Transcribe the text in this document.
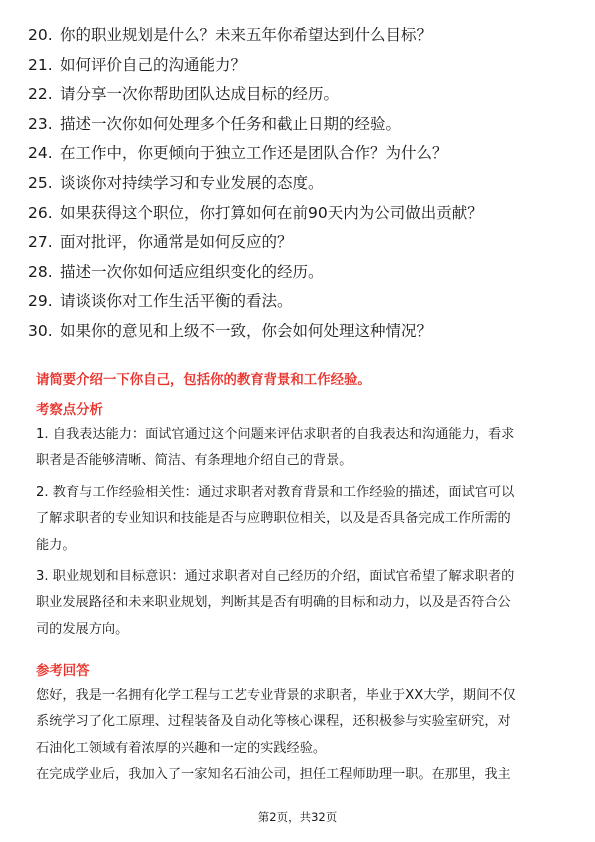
20. 你的职业规划是什么？未来五年你希望达到什么目标？
21. 如何评价自己的沟通能力？
22. 请分享一次你帮助团队达成目标的经历。
23. 描述一次你如何处理多个任务和截止日期的经验。
24. 在工作中，你更倾向于独立工作还是团队合作？为什么？
25. 谈谈你对持续学习和专业发展的态度。
26. 如果获得这个职位，你打算如何在前90天内为公司做出贡献？
27. 面对批评，你通常是如何反应的？
28. 描述一次你如何适应组织变化的经历。
29. 请谈谈你对工作生活平衡的看法。
30. 如果你的意见和上级不一致，你会如何处理这种情况？
请简要介绍一下你自己，包括你的教育背景和工作经验。
考察点分析
1. 自我表达能力：面试官通过这个问题来评估求职者的自我表达和沟通能力，看求
职者是否能够清晰、简洁、有条理地介绍自己的背景。
2. 教育与工作经验相关性：通过求职者对教育背景和工作经验的描述，面试官可以
了解求职者的专业知识和技能是否与应聘职位相关，以及是否具备完成工作所需的
能力。
3. 职业规划和目标意识：通过求职者对自己经历的介绍，面试官希望了解求职者的
职业发展路径和未来职业规划，判断其是否有明确的目标和动力，以及是否符合公
司的发展方向。
参考回答
您好，我是一名拥有化学工程与工艺专业背景的求职者，毕业于XX大学，期间不仅
系统学习了化工原理、过程装备及自动化等核心课程，还积极参与实验室研究，对
石油化工领域有着浓厚的兴趣和一定的实践经验。
在完成学业后，我加入了一家知名石油公司，担任工程师助理一职。在那里，我主
第2页，共32页
